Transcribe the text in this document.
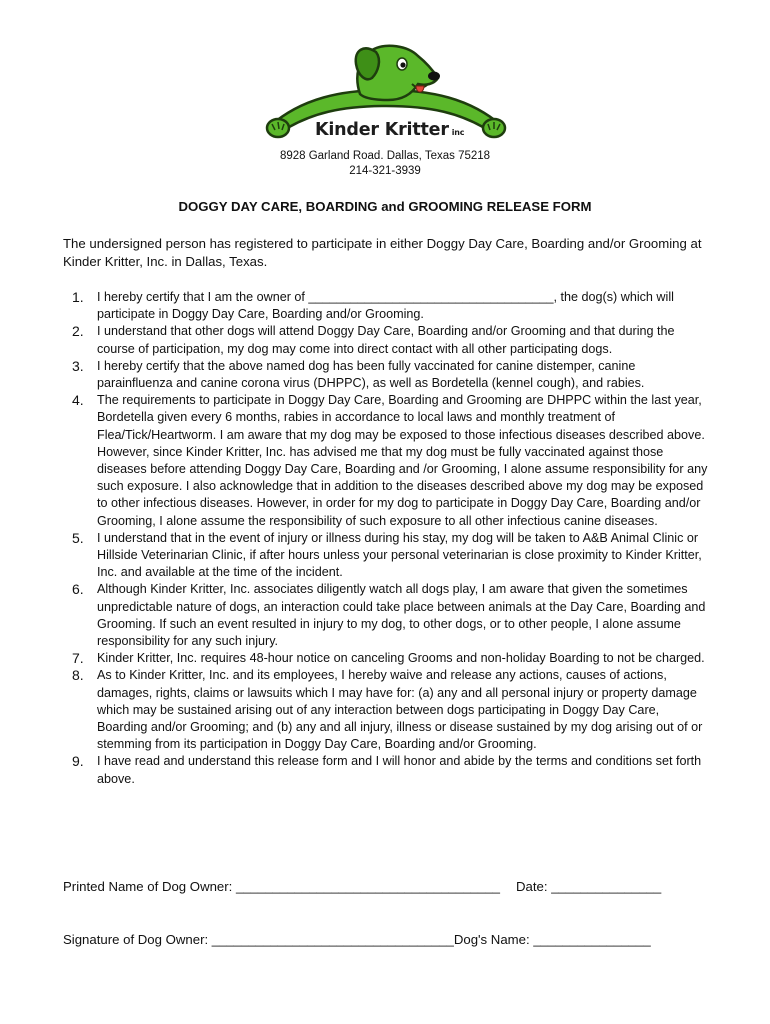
Kinder Kritter inc
8928 Garland Road. Dallas, Texas 75218
214-321-3939
DOGGY DAY CARE, BOARDING and GROOMING RELEASE FORM
The undersigned person has registered to participate in either Doggy Day Care, Boarding and/or Grooming at Kinder Kritter, Inc. in Dallas, Texas.
1. I hereby certify that I am the owner of ___________________________________, the dog(s) which will participate in Doggy Day Care, Boarding and/or Grooming.
2. I understand that other dogs will attend Doggy Day Care, Boarding and/or Grooming and that during the course of participation, my dog may come into direct contact with all other participating dogs.
3. I hereby certify that the above named dog has been fully vaccinated for canine distemper, canine parainfluenza and canine corona virus (DHPPC), as well as Bordetella (kennel cough), and rabies.
4. The requirements to participate in Doggy Day Care, Boarding and Grooming are DHPPC within the last year, Bordetella given every 6 months, rabies in accordance to local laws and monthly treatment of Flea/Tick/Heartworm. I am aware that my dog may be exposed to those infectious diseases described above. However, since Kinder Kritter, Inc. has advised me that my dog must be fully vaccinated against those diseases before attending Doggy Day Care, Boarding and /or Grooming, I alone assume responsibility for any such exposure. I also acknowledge that in addition to the diseases described above my dog may be exposed to other infectious diseases. However, in order for my dog to participate in Doggy Day Care, Boarding and/or Grooming, I alone assume the responsibility of such exposure to all other infectious canine diseases.
5. I understand that in the event of injury or illness during his stay, my dog will be taken to A&B Animal Clinic or Hillside Veterinarian Clinic, if after hours unless your personal veterinarian is close proximity to Kinder Kritter, Inc. and available at the time of the incident.
6. Although Kinder Kritter, Inc. associates diligently watch all dogs play, I am aware that given the sometimes unpredictable nature of dogs, an interaction could take place between animals at the Day Care, Boarding and Grooming. If such an event resulted in injury to my dog, to other dogs, or to other people, I alone assume responsibility for any such injury.
7. Kinder Kritter, Inc. requires 48-hour notice on canceling Grooms and non-holiday Boarding to not be charged.
8. As to Kinder Kritter, Inc. and its employees, I hereby waive and release any actions, causes of actions, damages, rights, claims or lawsuits which I may have for: (a) any and all personal injury or property damage which may be sustained arising out of any interaction between dogs participating in Doggy Day Care, Boarding and/or Grooming; and (b) any and all injury, illness or disease sustained by my dog arising out of or stemming from its participation in Doggy Day Care, Boarding and/or Grooming.
9. I have read and understand this release form and I will honor and abide by the terms and conditions set forth above.
Printed Name of Dog Owner: ____________________________________ Date: _______________
Signature of Dog Owner: _________________________________Dog's Name: ________________
